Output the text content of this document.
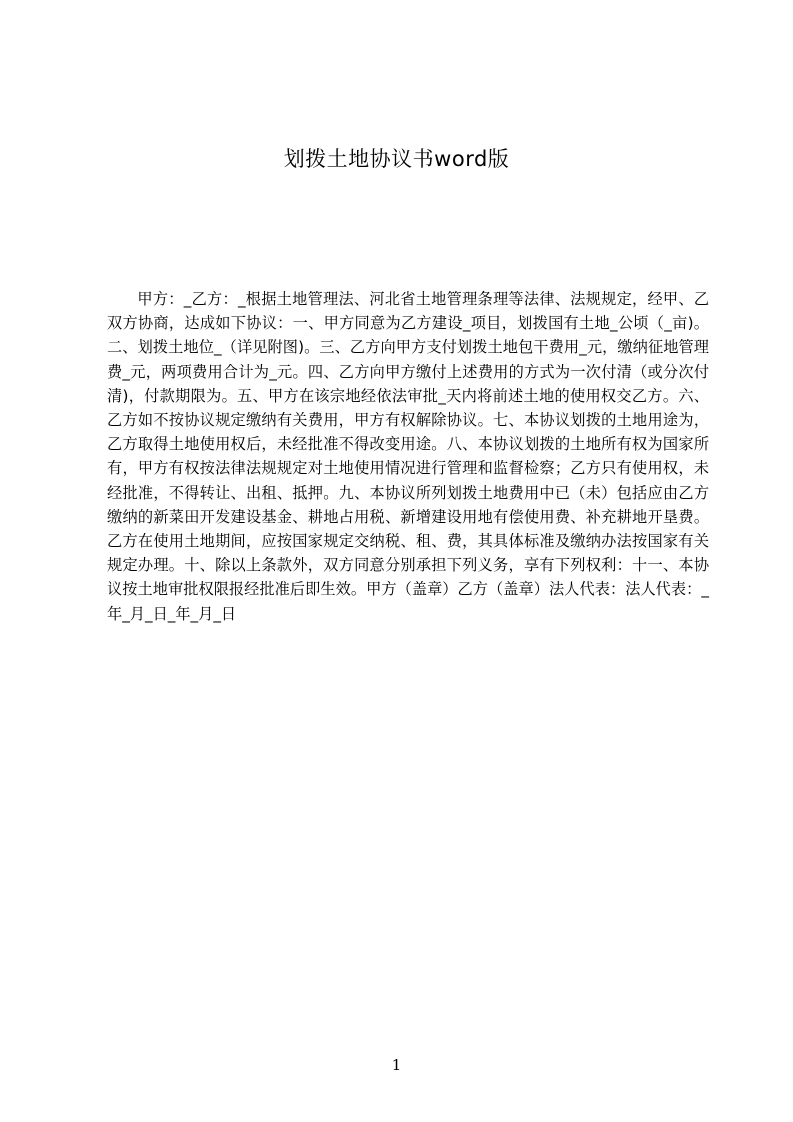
划拨土地协议书word版

甲方：_乙方：_根据土地管理法、河北省土地管理条理等法律、法规规定，经甲、乙双方协商，达成如下协议：一、甲方同意为乙方建设_项目，划拨国有土地_公顷（_亩)。二、划拨土地位_（详见附图)。三、乙方向甲方支付划拨土地包干费用_元，缴纳征地管理费_元，两项费用合计为_元。四、乙方向甲方缴付上述费用的方式为一次付清（或分次付清)，付款期限为。五、甲方在该宗地经依法审批_天内将前述土地的使用权交乙方。六、乙方如不按协议规定缴纳有关费用，甲方有权解除协议。七、本协议划拨的土地用途为，乙方取得土地使用权后，未经批准不得改变用途。八、本协议划拨的土地所有权为国家所有，甲方有权按法律法规规定对土地使用情况进行管理和监督检察；乙方只有使用权，未经批准，不得转让、出租、抵押。九、本协议所列划拨土地费用中已（未）包括应由乙方缴纳的新菜田开发建设基金、耕地占用税、新增建设用地有偿使用费、补充耕地开垦费。乙方在使用土地期间，应按国家规定交纳税、租、费，其具体标准及缴纳办法按国家有关规定办理。十、除以上条款外，双方同意分别承担下列义务，享有下列权利：十一、本协议按土地审批权限报经批准后即生效。甲方（盖章）乙方（盖章）法人代表：法人代表：_年_月_日_年_月_日

1
